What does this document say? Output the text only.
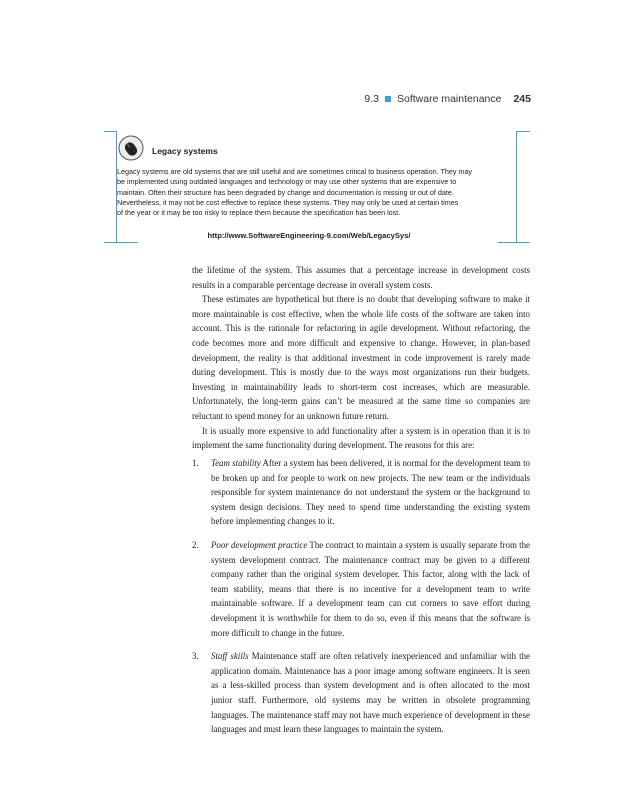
9.3 Software maintenance 245
Legacy systems
Legacy systems are old systems that are still useful and are sometimes critical to business operation. They may
be implemented using outdated languages and technology or may use other systems that are expensive to
maintain. Often their structure has been degraded by change and documentation is missing or out of date.
Nevertheless, it may not be cost effective to replace these systems. They may only be used at certain times
of the year or it may be too risky to replace them because the specification has been lost.
http://www.SoftwareEngineering-9.com/Web/LegacySys/

the lifetime of the system. This assumes that a percentage increase in development costs results in a comparable percentage decrease in overall system costs.

These estimates are hypothetical but there is no doubt that developing software to make it more maintainable is cost effective, when the whole life costs of the software are taken into account. This is the rationale for refactoring in agile development. Without refactoring, the code becomes more and more difficult and expensive to change. However, in plan-based development, the reality is that additional investment in code improvement is rarely made during development. This is mostly due to the ways most organizations run their budgets. Investing in maintainability leads to short-term cost increases, which are measurable. Unfortunately, the long-term gains can’t be measured at the same time so companies are reluctant to spend money for an unknown future return.

It is usually more expensive to add functionality after a system is in operation than it is to implement the same functionality during development. The reasons for this are:

1. Team stability After a system has been delivered, it is normal for the development team to be broken up and for people to work on new projects. The new team or the individuals responsible for system maintenance do not understand the system or the background to system design decisions. They need to spend time understanding the existing system before implementing changes to it.
2. Poor development practice The contract to maintain a system is usually separate from the system development contract. The maintenance contract may be given to a different company rather than the original system developer. This factor, along with the lack of team stability, means that there is no incentive for a development team to write maintainable software. If a development team can cut corners to save effort during development it is worthwhile for them to do so, even if this means that the software is more difficult to change in the future.
3. Staff skills Maintenance staff are often relatively inexperienced and unfamiliar with the application domain. Maintenance has a poor image among software engineers. It is seen as a less-skilled process than system development and is often allocated to the most junior staff. Furthermore, old systems may be written in obsolete programming languages. The maintenance staff may not have much experience of development in these languages and must learn these languages to maintain the system.
